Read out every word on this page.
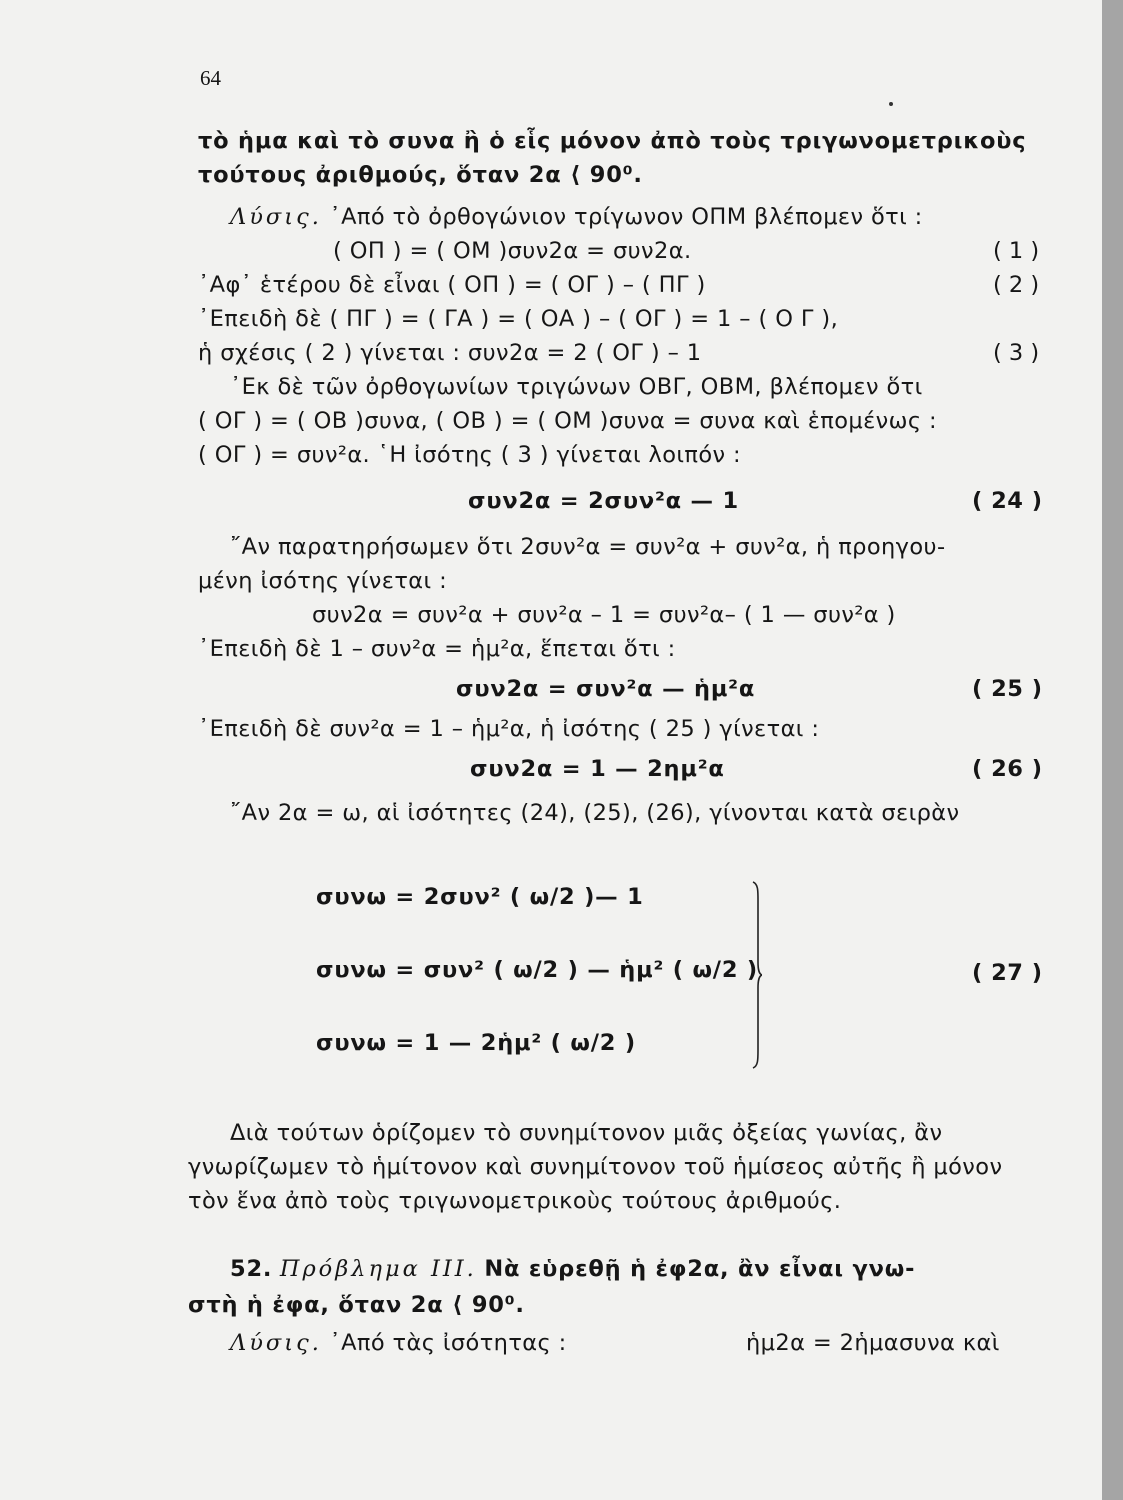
64
τὸ ἡμα καὶ τὸ συνα ἢ ὁ εἷς μόνον ἀπὸ τοὺς τριγωνομετρικοὺς
τούτους ἀριθμούς, ὅταν 2α ⟨ 90⁰.
Λύσις. ᾿Από τὸ ὀρθογώνιον τρίγωνον ΟΠΜ βλέπομεν ὅτι :
( ΟΠ ) = ( ΟΜ )συν2α = συν2α.	( 1 )
᾿Αφ᾿ ἑτέρου δὲ εἶναι ( ΟΠ ) = ( ΟΓ ) – ( ΠΓ )	( 2 )
᾿Επειδὴ δὲ ( ΠΓ ) = ( ΓΑ ) = ( ΟΑ ) – ( ΟΓ ) = 1 – ( Ο Γ ),
ἡ σχέσις ( 2 ) γίνεται : συν2α = 2 ( ΟΓ ) – 1	( 3 )
᾿Εκ δὲ τῶν ὀρθογωνίων τριγώνων ΟΒΓ, ΟΒΜ, βλέπομεν ὅτι
( ΟΓ ) = ( ΟΒ )συνα, ( ΟΒ ) = ( ΟΜ )συνα = συνα καὶ ἑπομένως :
( ΟΓ ) = συν²α. ῾Η ἰσότης ( 3 ) γίνεται λοιπόν :
συν2α = 2συν²α — 1	( 24 )
῎Αν παρατηρήσωμεν ὅτι 2συν²α = συν²α + συν²α, ἡ προηγου-
μένη ἰσότης γίνεται :
συν2α = συν²α + συν²α – 1 = συν²α– ( 1 — συν²α )
᾿Επειδὴ δὲ 1 – συν²α = ἡμ²α, ἕπεται ὅτι :
συν2α = συν²α — ἡμ²α	( 25 )
᾿Επειδὴ δὲ συν²α = 1 – ἡμ²α, ἡ ἰσότης ( 25 ) γίνεται :
συν2α = 1 — 2ημ²α	( 26 )
῎Αν 2α = ω, αἱ ἰσότητες (24), (25), (26), γίνονται κατὰ σειρὰν
συνω = 2συν² ( ω/2 )— 1
συνω = συν² ( ω/2 ) — ἡμ² ( ω/2 )
συνω = 1 — 2ἡμ² ( ω/2 )
( 27 )
Διὰ τούτων ὁρίζομεν τὸ συνημίτονον μιᾶς ὀξείας γωνίας, ἂν
γνωρίζωμεν τὸ ἡμίτονον καὶ συνημίτονον τοῦ ἡμίσεος αὐτῆς ἢ μόνον
τὸν ἕνα ἀπὸ τοὺς τριγωνομετρικοὺς τούτους ἀριθμούς.
52. Πρόβλημα ΙΙΙ. Νὰ εὑρεθῇ ἡ ἐφ2α, ἂν εἶναι γνω-
στὴ ἡ ἐφα, ὅταν 2α ⟨ 90⁰.
Λύσις. ᾿Από τὰς ἰσότητας :	ἡμ2α = 2ἡμασυνα καὶ
